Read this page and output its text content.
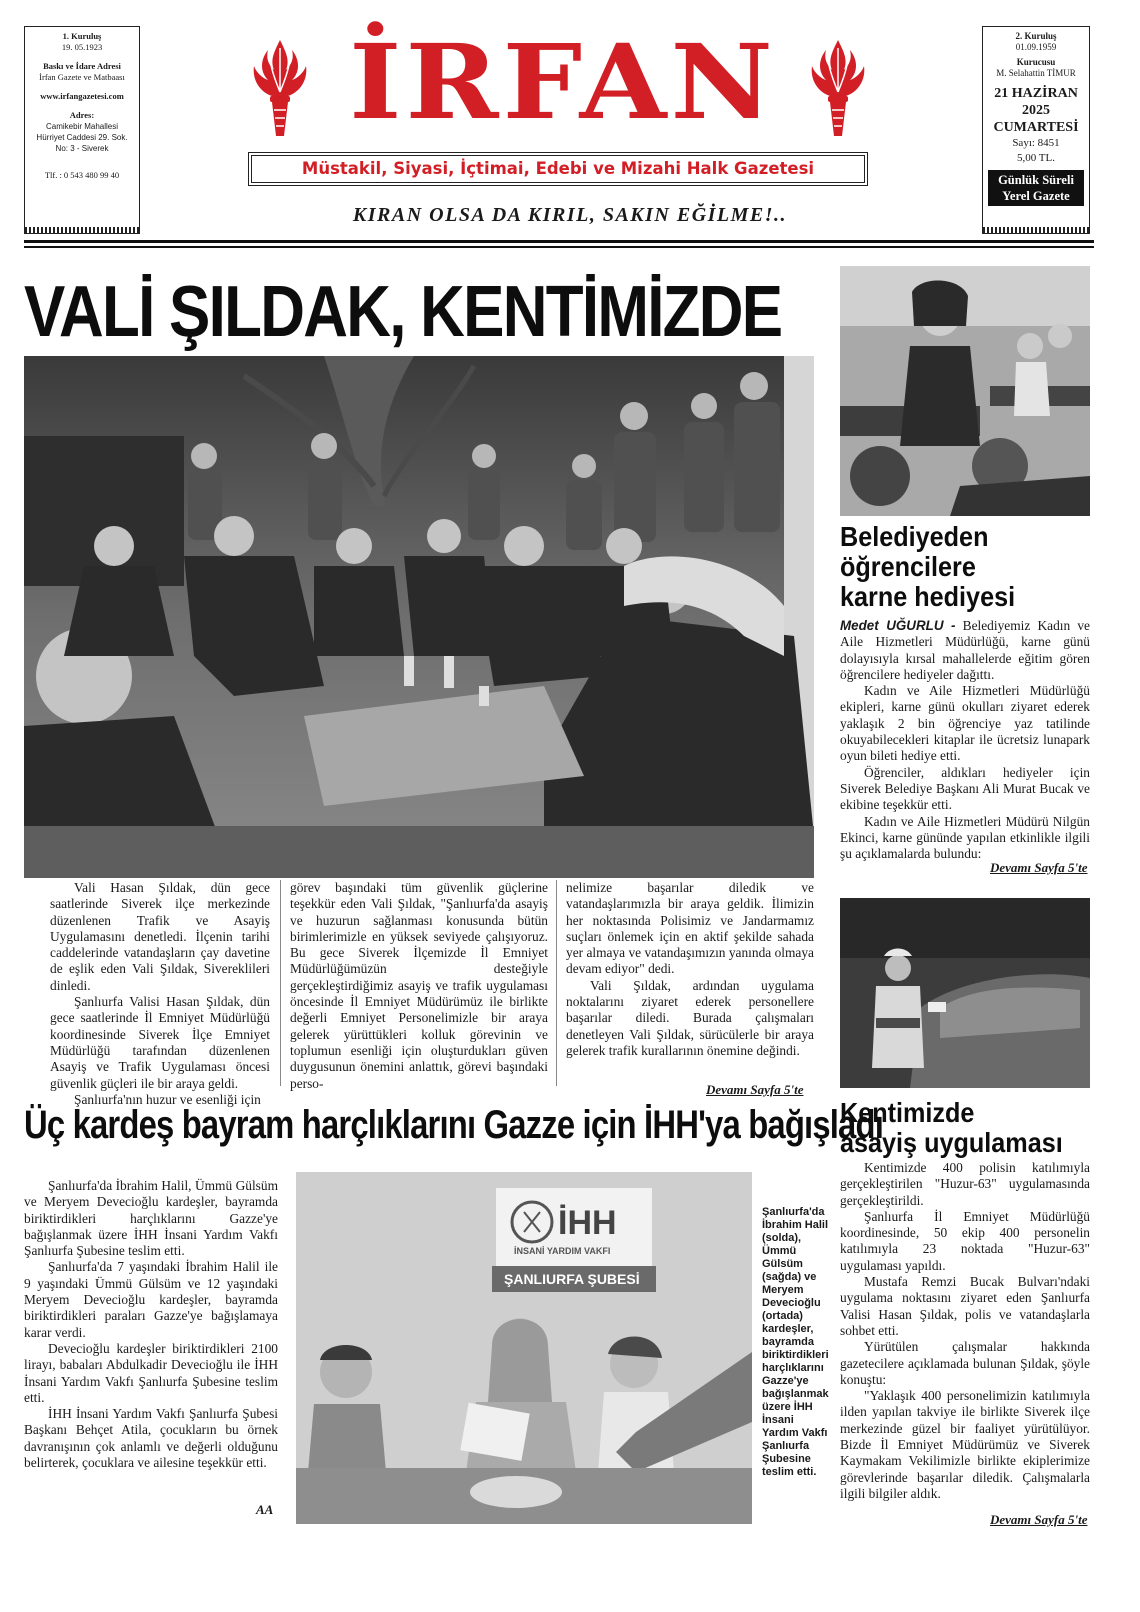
1. Kuruluş
19. 05.1923
Baskı ve İdare Adresi
İrfan Gazete ve Matbaası
www.irfangazetesi.com
Adres:
Camikebir Mahallesi
Hürriyet Caddesi 29. Sok.
No: 3 - Siverek
Tlf. : 0 543 480 99 40
2. Kuruluş
01.09.1959
Kurucusu
M. Selahattin TİMUR
21 HAZİRAN
2025
CUMARTESİ
Sayı: 8451
5,00 TL.
Günlük Süreli
Yerel Gazete
İRFAN
Müstakil, Siyasi, İçtimai, Edebi ve Mizahi Halk Gazetesi
KIRAN OLSA DA KIRIL, SAKIN EĞİLME!..
VALİ ŞILDAK, KENTİMİZDE

Vali Hasan Şıldak, dün gece saatlerinde Siverek ilçe merkezinde düzenlenen Trafik ve Asayiş Uygulamasını denetledi. İlçenin tarihi caddelerinde vatandaşların çay davetine de eşlik eden Vali Şıldak, Sivereklileri dinledi.

Şanlıurfa Valisi Hasan Şıldak, dün gece saatlerinde İl Emniyet Müdürlüğü koordinesinde Siverek İlçe Emniyet Müdürlüğü tarafından düzenlenen Asayiş ve Trafik Uygulaması öncesi güvenlik güçleri ile bir araya geldi.

Şanlıurfa'nın huzur ve esenliği için

görev başındaki tüm güvenlik güçlerine teşekkür eden Vali Şıldak, "Şanlıurfa'da asayiş ve huzurun sağlanması konusunda bütün birimlerimizle en yüksek seviyede çalışıyoruz. Bu gece Siverek İlçemizde İl Emniyet Müdürlüğümüzün desteğiyle gerçekleştirdiğimiz asayiş ve trafik uygulaması öncesinde İl Emniyet Müdürümüz ile birlikte değerli Emniyet Personelimizle bir araya gelerek yürüttükleri kolluk görevinin ve toplumun esenliği için oluşturdukları güven duygusunun önemini anlattık, görevi başındaki perso-
nelimize başarılar diledik ve vatandaşlarımızla bir araya geldik. İlimizin her noktasında Polisimiz ve Jandarmamız suçları önlemek için en aktif şekilde sahada yer almaya ve vatandaşımızın yanında olmaya devam ediyor" dedi.

Vali Şıldak, ardından uygulama noktalarını ziyaret ederek personellere başarılar diledi. Burada çalışmaları denetleyen Vali Şıldak, sürücülerle bir araya gelerek trafik kurallarının önemine değindi.

Devamı Sayfa 5'te
Belediyeden
öğrencilere
karne hediyesi
Medet UĞURLU - Belediyemiz Kadın ve Aile Hizmetleri Müdürlüğü, karne günü dolayısıyla kırsal mahallelerde eğitim gören öğrencilere hediyeler dağıttı.

Kadın ve Aile Hizmetleri Müdürlüğü ekipleri, karne günü okulları ziyaret ederek yaklaşık 2 bin öğrenciye yaz tatilinde okuyabilecekleri kitaplar ile ücretsiz lunapark oyun bileti hediye etti.

Öğrenciler, aldıkları hediyeler için Siverek Belediye Başkanı Ali Murat Bucak ve ekibine teşekkür etti.

Kadın ve Aile Hizmetleri Müdürü Nilgün Ekinci, karne gününde yapılan etkinlikle ilgili şu açıklamalarda bulundu:

Devamı Sayfa 5'te
Kentimizde
asayiş uygulaması

Kentimizde 400 polisin katılımıyla gerçekleştirilen "Huzur-63" uygulamasında gerçekleştirildi.

Şanlıurfa İl Emniyet Müdürlüğü koordinesinde, 50 ekip 400 personelin katılımıyla 23 noktada "Huzur-63" uygulaması yapıldı.

Mustafa Remzi Bucak Bulvarı'ndaki uygulama noktasını ziyaret eden Şanlıurfa Valisi Hasan Şıldak, polis ve vatandaşlarla sohbet etti.

Yürütülen çalışmalar hakkında gazetecilere açıklamada bulunan Şıldak, şöyle konuştu:

"Yaklaşık 400 personelimizin katılımıyla ilden yapılan takviye ile birlikte Siverek ilçe merkezinde güzel bir faaliyet yürütülüyor. Bizde İl Emniyet Müdürümüz ve Siverek Kaymakam Vekilimizle birlikte ekiplerimize görevlerinde başarılar diledik. Çalışmalarla ilgili bilgiler aldık.

Devamı Sayfa 5'te
Üç kardeş bayram harçlıklarını Gazze için İHH'ya bağışladı

Şanlıurfa'da İbrahim Halil, Ümmü Gülsüm ve Meryem Devecioğlu kardeşler, bayramda biriktirdikleri harçlıklarını Gazze'ye bağışlanmak üzere İHH İnsani Yardım Vakfı Şanlıurfa Şubesine teslim etti.

Şanlıurfa'da 7 yaşındaki İbrahim Halil ile 9 yaşındaki Ümmü Gülsüm ve 12 yaşındaki Meryem Devecioğlu kardeşler, bayramda biriktirdikleri paraları Gazze'ye bağışlamaya karar verdi.

Devecioğlu kardeşler biriktirdikleri 2100 lirayı, babaları Abdulkadir Devecioğlu ile İHH İnsani Yardım Vakfı Şanlıurfa Şubesine teslim etti.

İHH İnsani Yardım Vakfı Şanlıurfa Şubesi Başkanı Behçet Atila, çocukların bu örnek davranışının çok anlamlı ve değerli olduğunu belirterek, çocuklara ve ailesine teşekkür etti.

AA
İHH
İNSANİ YARDIM VAKFI
ŞANLIURFA ŞUBESİ
Şanlıurfa'da İbrahim Halil (solda), Ümmü Gülsüm (sağda) ve Meryem Devecioğlu (ortada) kardeşler, bayramda biriktirdikleri harçlıklarını Gazze'ye bağışlanmak üzere İHH İnsani Yardım Vakfı Şanlıurfa Şubesine teslim etti.
